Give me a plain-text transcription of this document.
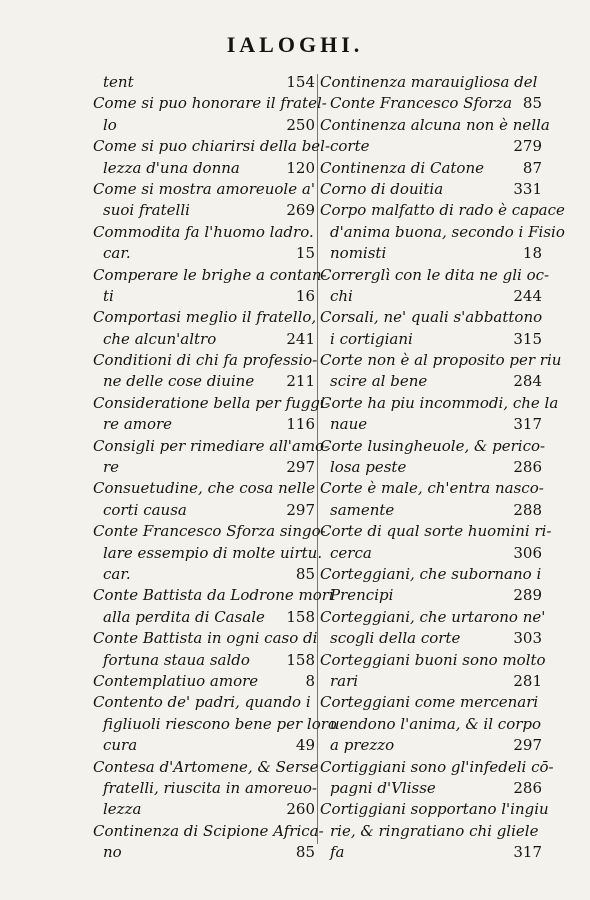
IALOGHI.
tent	154
Come si puo honorare il fratel-
lo	250
Come si puo chiarirsi della bel-
lezza d'una donna	120
Come si mostra amoreuole a'
suoi fratelli	269
Commodita fa l'huomo ladro.
car.	15
Comperare le brighe a contan-
ti	16
Comportasi meglio il fratello,
che alcun'altro	241
Conditioni di chi fa professio-
ne delle cose diuine 211
Consideratione bella per fuggi-
re amore	116
Consigli per rimediare all'amo-
re	297
Consuetudine, che cosa nelle
corti causa	297
Conte Francesco Sforza singo-
lare essempio di molte uirtu.
car.	85
Conte Battista da Lodrone mori
alla perdita di Casale 158
Conte Battista in ogni caso di
fortuna staua saldo 158
Contemplatiuo amore	8
Contento de' padri, quando i
figliuoli riescono bene per loro
cura	49
Contesa d'Artomene, & Serse
fratelli, riuscita in amoreuo-
lezza	260
Continenza di Scipione Africa-
no	85
Continenza marauigliosa del
Conte Francesco Sforza 85
Continenza alcuna non è nella
corte	279
Continenza di Catone	87
Corno di douitia	331
Corpo malfatto di rado è capace
d'anima buona, secondo i Fisio
nomisti	18
Correrglì con le dita ne gli oc-
chi	244
Corsali, ne' quali s'abbattono
i cortigiani	315
Corte non è al proposito per riu
scire al bene	284
Corte ha piu incommodi, che la
naue	317
Corte lusingheuole, & perico-
losa peste	286
Corte è male, ch'entra nasco-
samente	288
Corte di qual sorte huomini ri-
cerca	306
Corteggiani, che subornano i
Prencipi	289
Corteggiani, che urtarono ne'
scogli della corte	303
Corteggiani buoni sono molto
rari	281
Corteggiani come mercenari
uendono l'anima, & il corpo
a prezzo	297
Cortiggiani sono gl'infedeli cō-
pagni d'Vlisse	286
Cortiggiani sopportano l'ingiu
rie, & ringratiano chi gliele
fa	317
